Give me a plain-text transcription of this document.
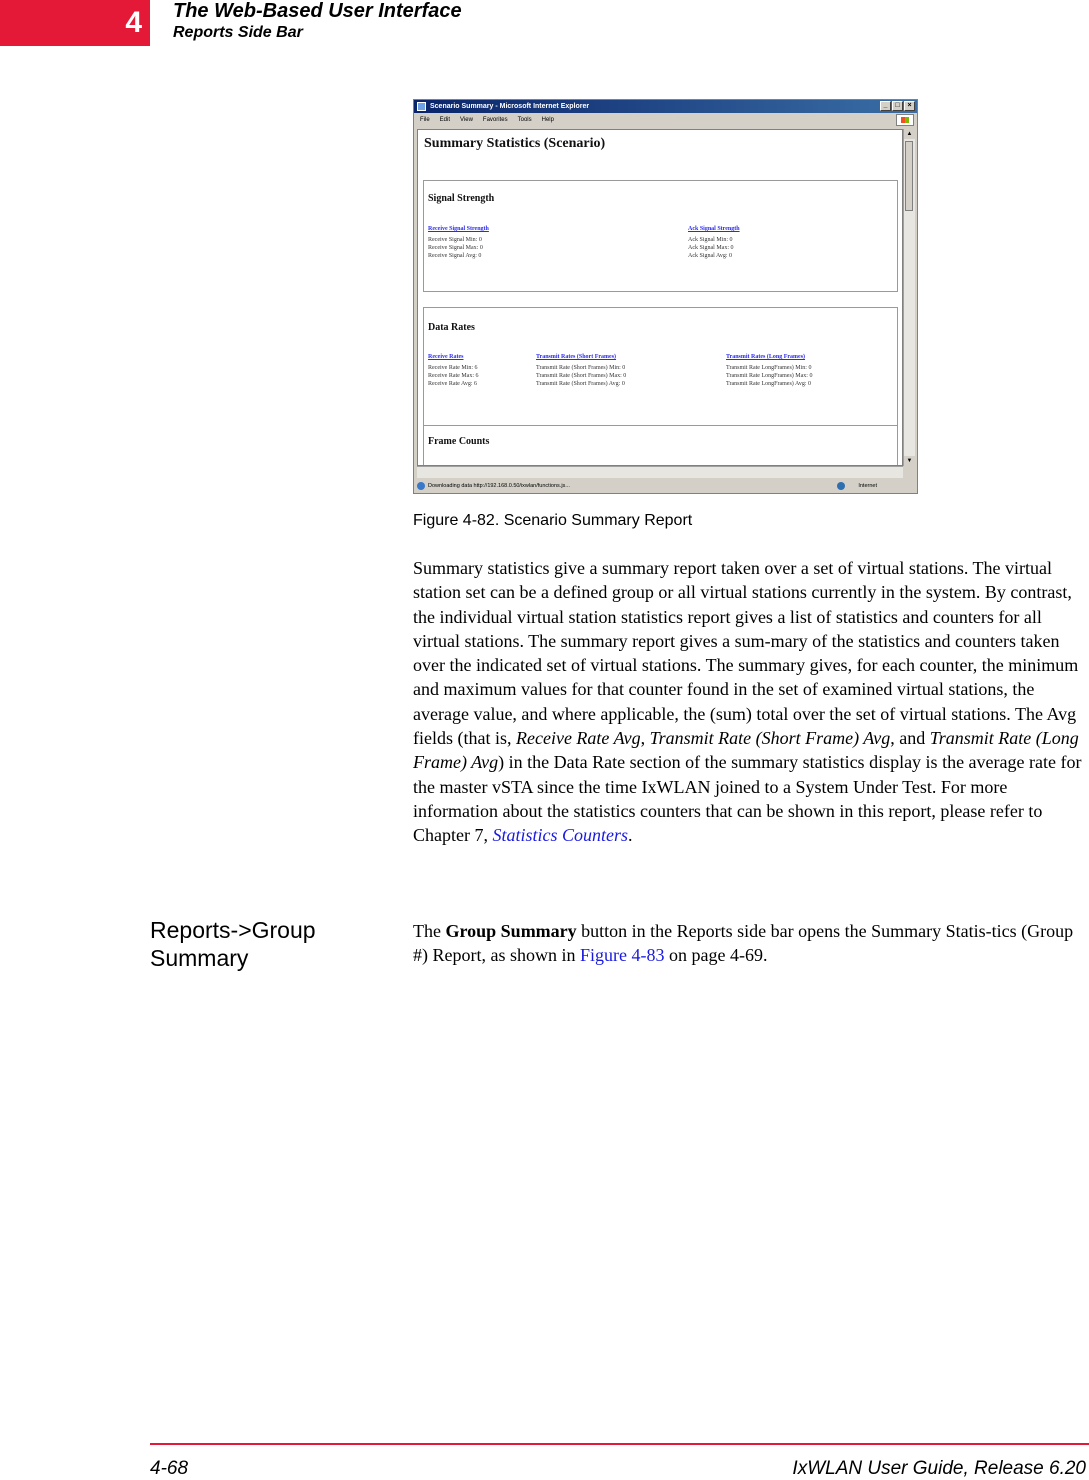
4 The Web-Based User Interface
Reports Side Bar
Scenario Summary - Microsoft Internet Explorer	_	□	×
File Edit View Favorites Tools Help
Summary Statistics (Scenario)
Signal Strength
Receive Signal Strength
Receive Signal Min: 0
Receive Signal Max: 0
Receive Signal Avg: 0
Ack Signal Strength
Ack Signal Min: 0
Ack Signal Max: 0
Ack Signal Avg: 0
Data Rates
Receive Rates
Receive Rate Min: 6
Receive Rate Max: 6
Receive Rate Avg: 6
Transmit Rates (Short Frames)
Transmit Rate (Short Frames) Min: 0
Transmit Rate (Short Frames) Max: 0
Transmit Rate (Short Frames) Avg: 0
Transmit Rates (Long Frames)
Transmit Rate LongFrames) Min: 0
Transmit Rate LongFrames) Max: 0
Transmit Rate LongFrames) Avg: 0
Frame Counts
▲
▼
Downloading data http://192.168.0.50/ixwlan/functions.js...	Internet
Figure 4-82. Scenario Summary Report

Summary statistics give a summary report taken over a set of virtual stations. The virtual station set can be a defined group or all virtual stations currently in the system. By contrast, the individual virtual station statistics report gives a list of statistics and counters for all virtual stations. The summary report gives a sum-mary of the statistics and counters taken over the indicated set of virtual stations. The summary gives, for each counter, the minimum and maximum values for that counter found in the set of examined virtual stations, the average value, and where applicable, the (sum) total over the set of virtual stations. The Avg fields (that is, Receive Rate Avg, Transmit Rate (Short Frame) Avg, and Transmit Rate (Long Frame) Avg) in the Data Rate section of the summary statistics display is the average rate for the master vSTA since the time IxWLAN joined to a System Under Test. For more information about the statistics counters that can be shown in this report, please refer to Chapter 7, Statistics Counters.

Reports->Group Summary

The Group Summary button in the Reports side bar opens the Summary Statis-tics (Group #) Report, as shown in Figure 4-83 on page 4-69.

4-68	IxWLAN User Guide, Release 6.20
